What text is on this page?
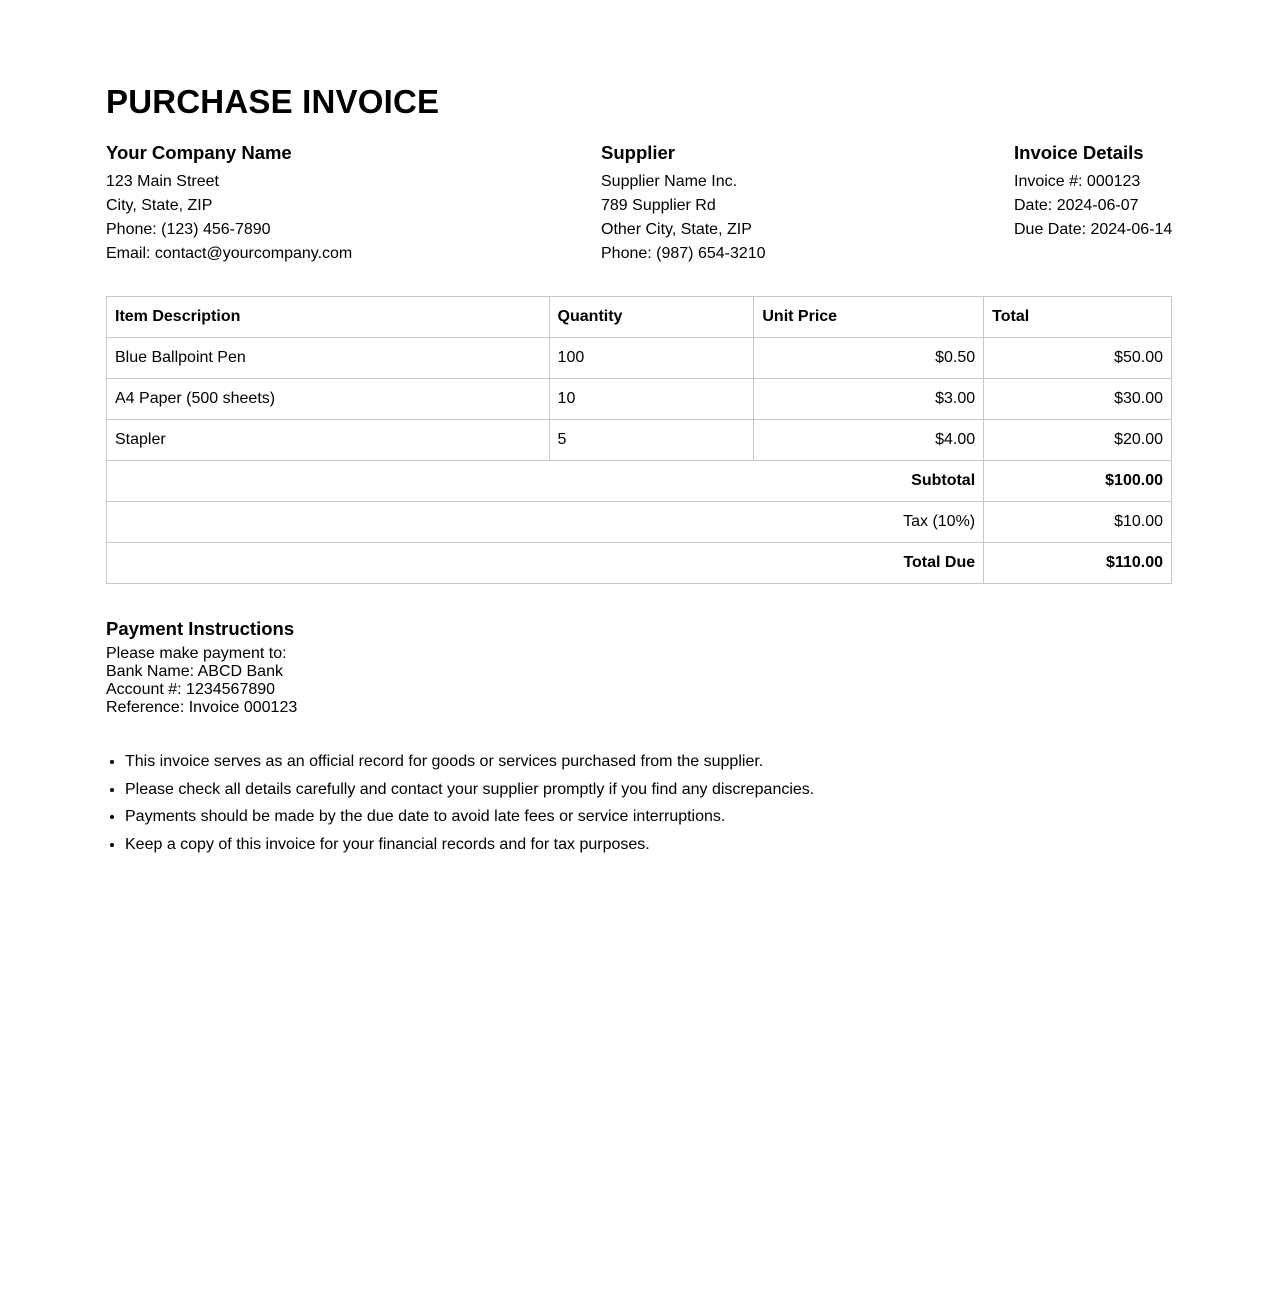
PURCHASE INVOICE
Your Company Name
123 Main Street
City, State, ZIP
Phone: (123) 456-7890
Email: contact@yourcompany.com
Supplier
Supplier Name Inc.
789 Supplier Rd
Other City, State, ZIP
Phone: (987) 654-3210
Invoice Details
Invoice #: 000123
Date: 2024-06-07
Due Date: 2024-06-14
Item Description	Quantity	Unit Price	Total
Blue Ballpoint Pen	100	$0.50	$50.00
A4 Paper (500 sheets)	10	$3.00	$30.00
Stapler	5	$4.00	$20.00
Subtotal			$100.00
Tax (10%)			$10.00
Total Due			$110.00
Payment Instructions
Please make payment to:
Bank Name: ABCD Bank
Account #: 1234567890
Reference: Invoice 000123
• This invoice serves as an official record for goods or services purchased from the supplier.
• Please check all details carefully and contact your supplier promptly if you find any discrepancies.
• Payments should be made by the due date to avoid late fees or service interruptions.
• Keep a copy of this invoice for your financial records and for tax purposes.
